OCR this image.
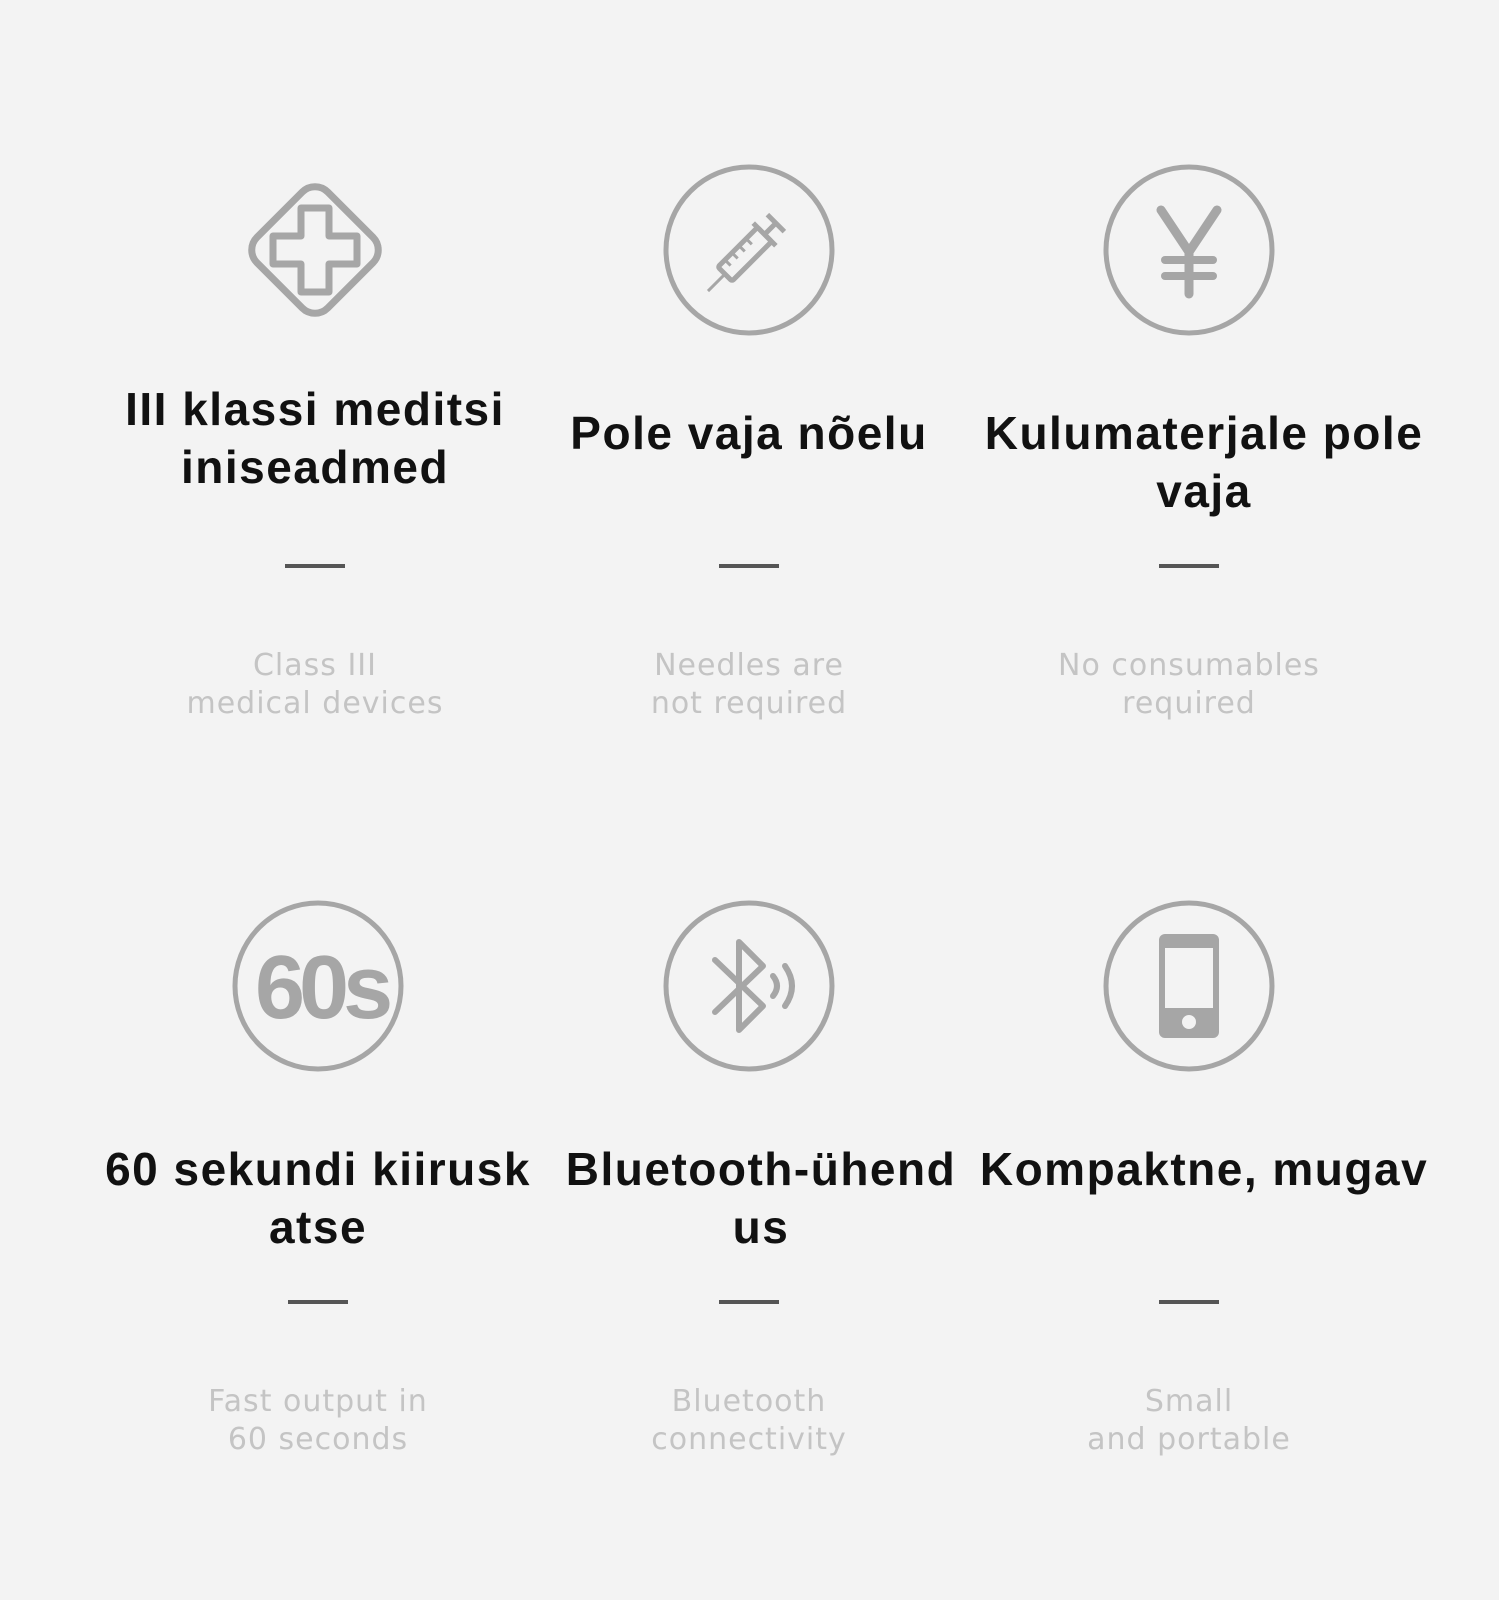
III klassi meditsiiniseadmed
Class III
medical devices
Pole vaja nõelu
Needles are
not required
Kulumaterjale pole vaja
No consumables
required
60s
60 sekundi kiiruskatse
Fast output in
60 seconds
Bluetooth-ühendus
Bluetooth
connectivity
Kompaktne, mugav
Small
and portable
